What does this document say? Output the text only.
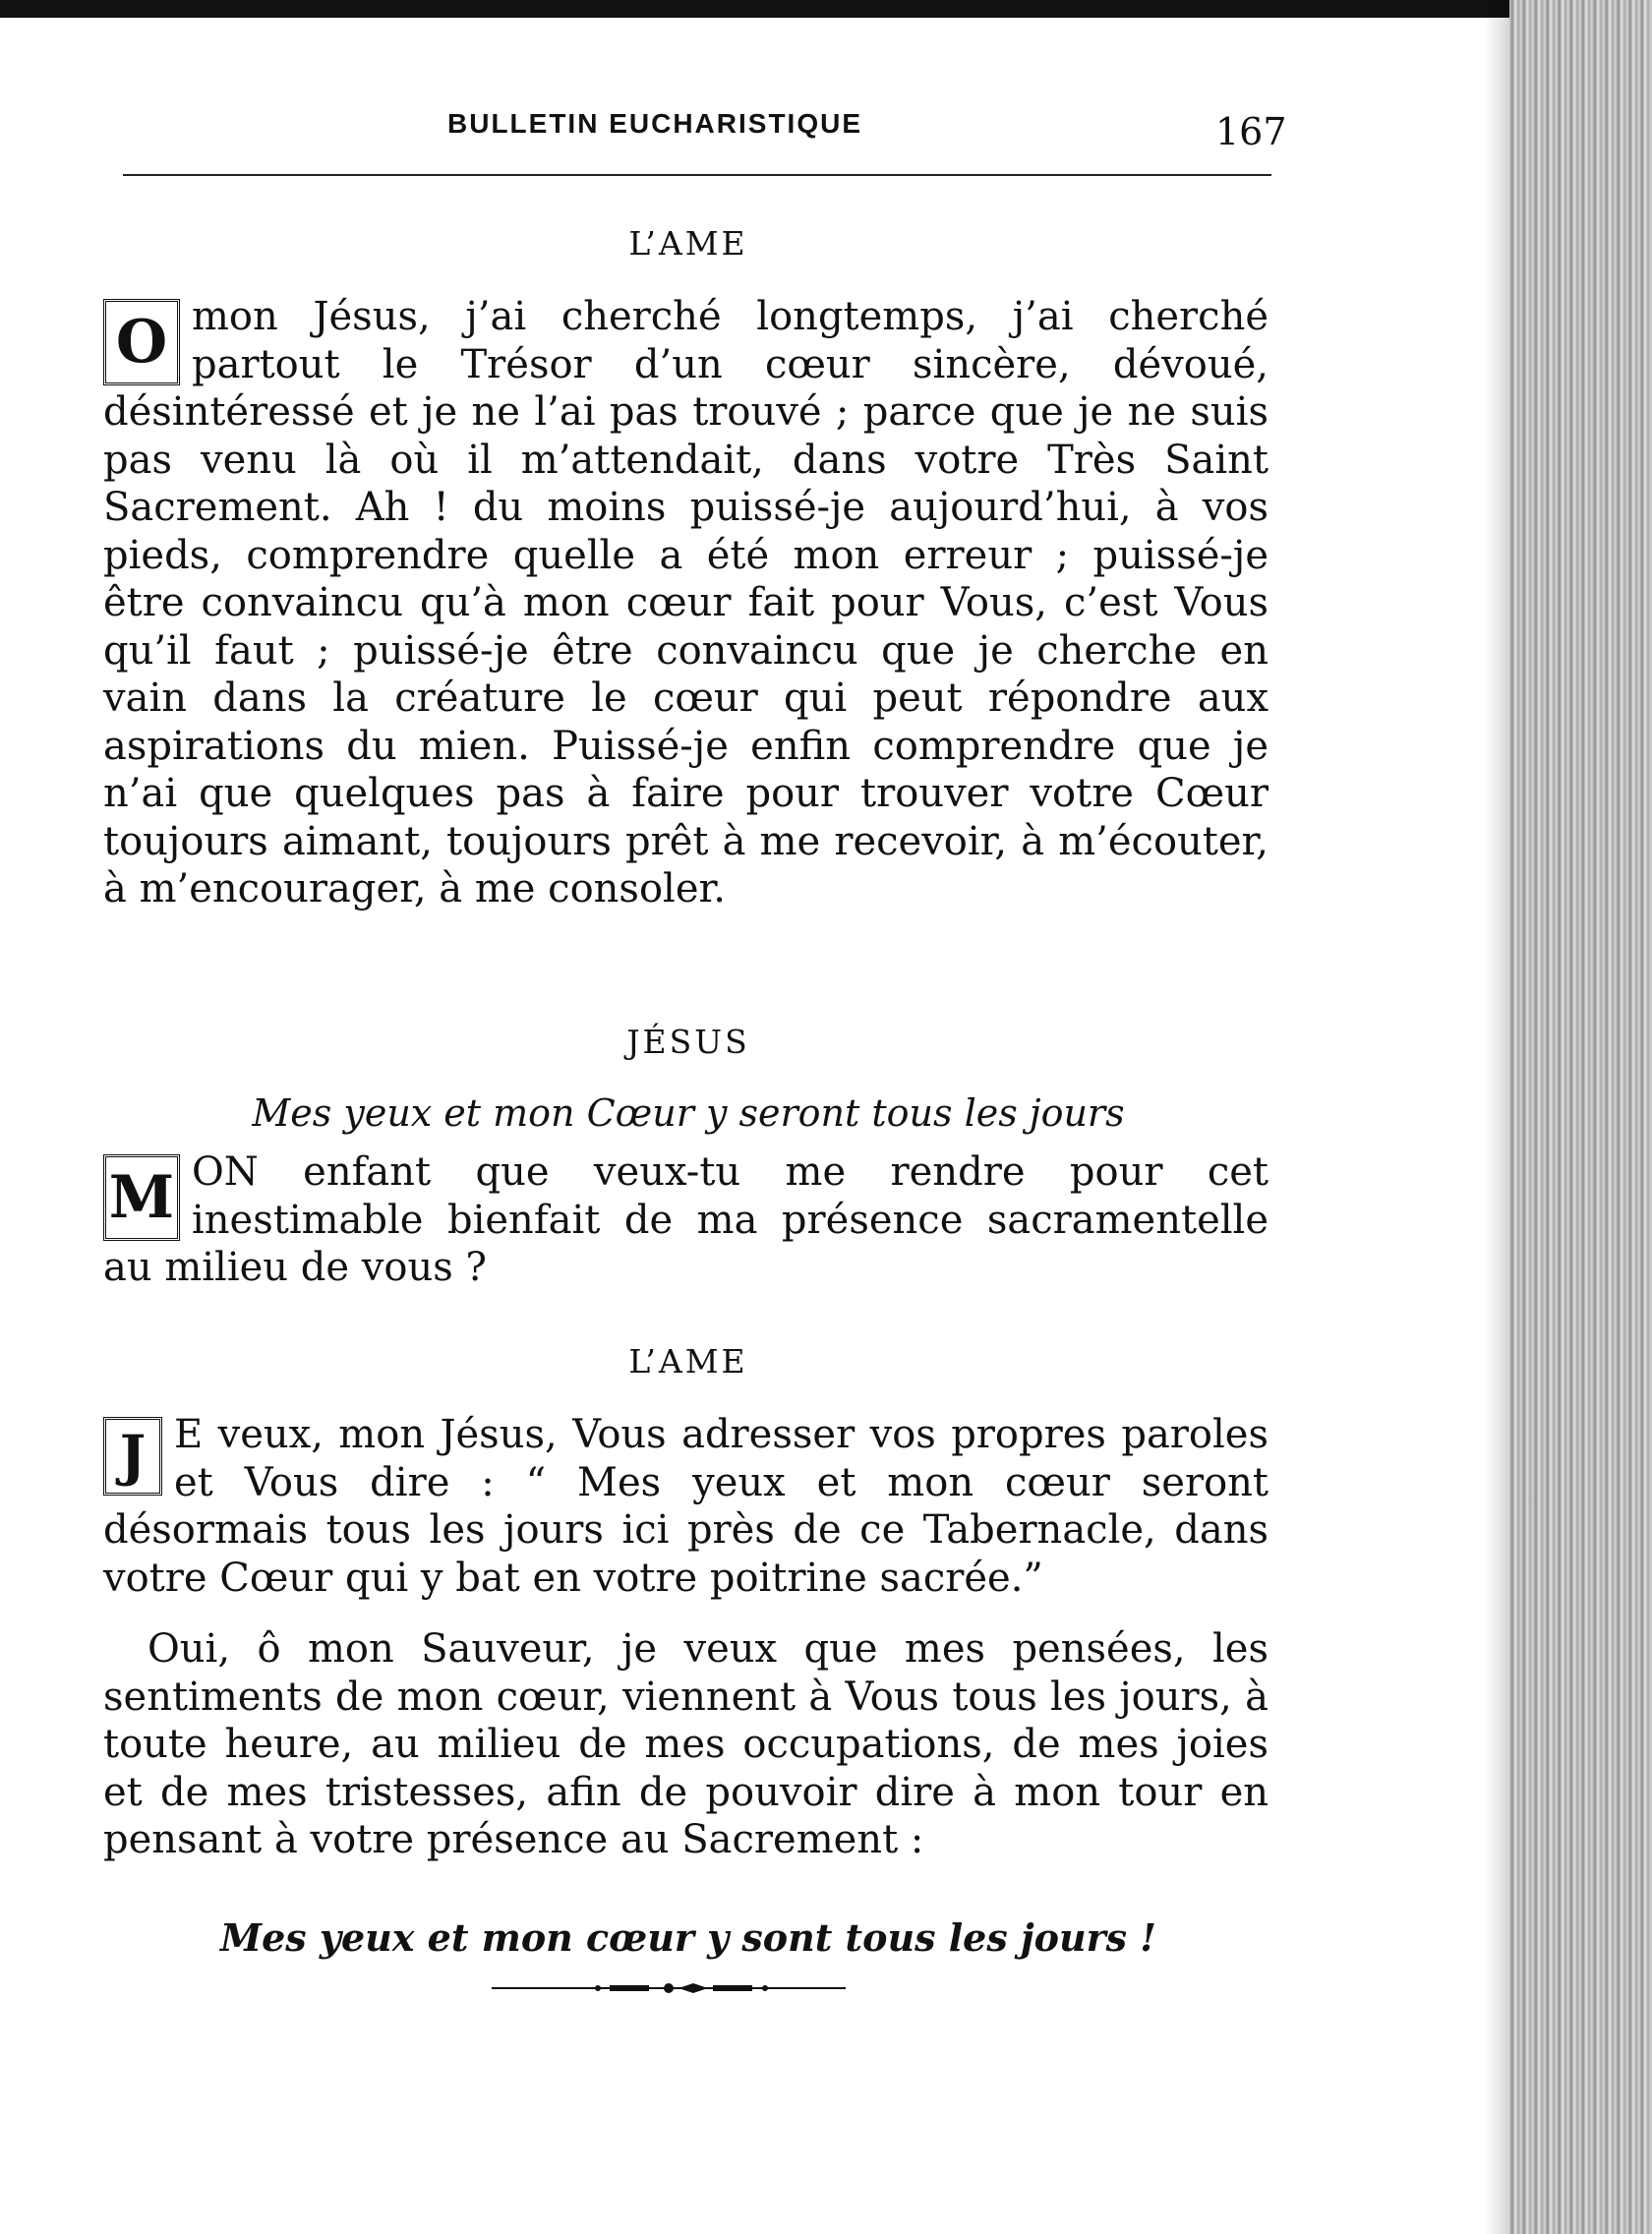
BULLETIN EUCHARISTIQUE	167
L’AME
O mon Jésus, j’ai cherché longtemps, j’ai cherché partout le Trésor d’un cœur sincère, dévoué, désintéressé et je ne l’ai pas trouvé ; parce que je ne suis pas venu là où il m’attendait, dans votre Très Saint Sacrement. Ah ! du moins puissé-je aujourd’hui, à vos pieds, comprendre quelle a été mon erreur ; puissé-je être convaincu qu’à mon cœur fait pour Vous, c’est Vous qu’il faut ; puissé-je être convaincu que je cherche en vain dans la créature le cœur qui peut répondre aux aspirations du mien. Puissé-je enfin comprendre que je n’ai que quelques pas à faire pour trouver votre Cœur toujours aimant, toujours prêt à me recevoir, à m’écouter, à m’encourager, à me consoler.
JÉSUS
Mes yeux et mon Cœur y seront tous les jours
M ON enfant que veux-tu me rendre pour cet inestimable bienfait de ma présence sacramentelle au milieu de vous ?
L’AME
J E veux, mon Jésus, Vous adresser vos propres paroles et Vous dire : “ Mes yeux et mon cœur seront désormais tous les jours ici près de ce Tabernacle, dans votre Cœur qui y bat en votre poitrine sacrée.”
Oui, ô mon Sauveur, je veux que mes pensées, les sentiments de mon cœur, viennent à Vous tous les jours, à toute heure, au milieu de mes occupations, de mes joies et de mes tristesses, afin de pouvoir dire à mon tour en pensant à votre présence au Sacrement :
Mes yeux et mon cœur y sont tous les jours !
